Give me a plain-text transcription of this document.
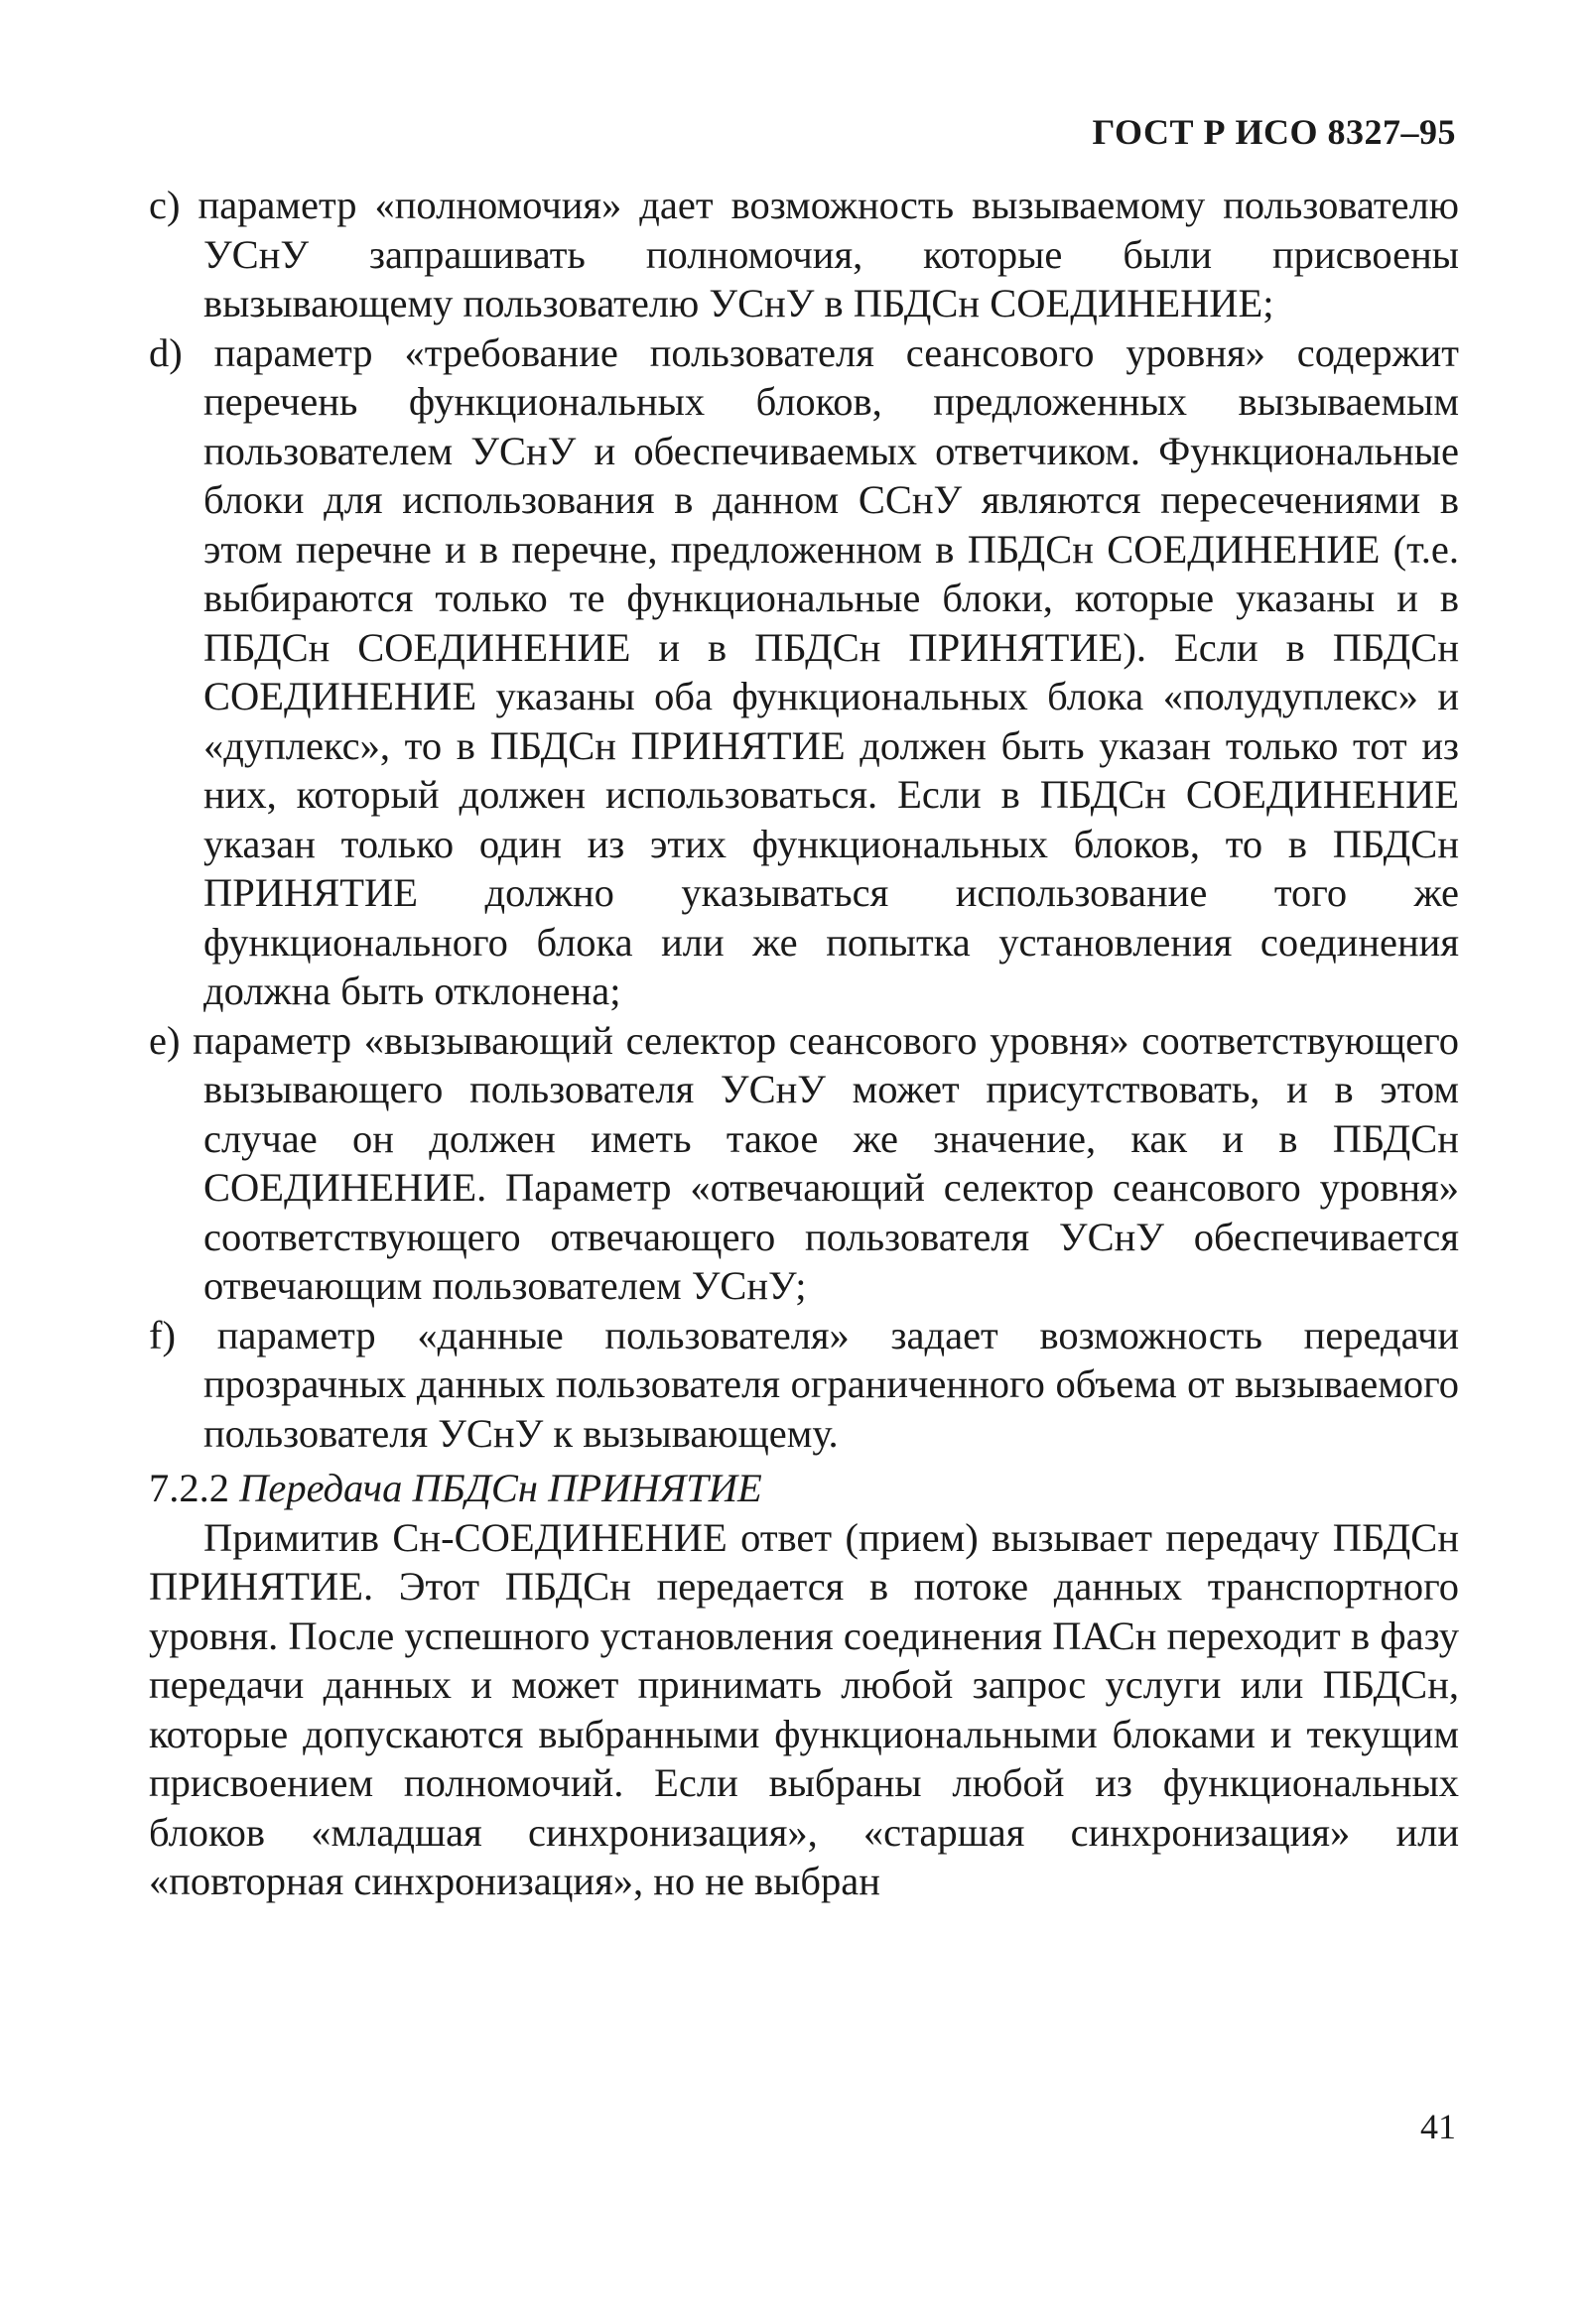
ГОСТ Р ИСО 8327–95

c) параметр «полномочия» дает возможность вызываемому пользователю УСнУ запрашивать полномочия, которые были присвоены вызывающему пользователю УСнУ в ПБДСн СОЕДИНЕНИЕ;

d) параметр «требование пользователя сеансового уровня» содержит перечень функциональных блоков, предложенных вызываемым пользователем УСнУ и обеспечиваемых ответчиком. Функциональные блоки для использования в данном ССнУ являются пересечениями в этом перечне и в перечне, предложенном в ПБДСн СОЕДИНЕНИЕ (т.е. выбираются только те функциональные блоки, которые указаны и в ПБДСн СОЕДИНЕНИЕ и в ПБДСн ПРИНЯТИЕ). Если в ПБДСн СОЕДИНЕНИЕ указаны оба функциональных блока «полудуплекс» и «дуплекс», то в ПБДСн ПРИНЯТИЕ должен быть указан только тот из них, который должен использоваться. Если в ПБДСн СОЕДИНЕНИЕ указан только один из этих функциональных блоков, то в ПБДСн ПРИНЯТИЕ должно указываться использование того же функционального блока или же попытка установления соединения должна быть отклонена;

e) параметр «вызывающий селектор сеансового уровня» соответствующего вызывающего пользователя УСнУ может присутствовать, и в этом случае он должен иметь такое же значение, как и в ПБДСн СОЕДИНЕНИЕ. Параметр «отвечающий селектор сеансового уровня» соответствующего отвечающего пользователя УСнУ обеспечивается отвечающим пользователем УСнУ;

f) параметр «данные пользователя» задает возможность передачи прозрачных данных пользователя ограниченного объема от вызываемого пользователя УСнУ к вызывающему.

7.2.2 Передача ПБДСн ПРИНЯТИЕ

Примитив Сн-СОЕДИНЕНИЕ ответ (прием) вызывает передачу ПБДСн ПРИНЯТИЕ. Этот ПБДСн передается в потоке данных транспортного уровня. После успешного установления соединения ПАСн переходит в фазу передачи данных и может принимать любой запрос услуги или ПБДСн, которые допускаются выбранными функциональными блоками и текущим присвоением полномочий. Если выбраны любой из функциональных блоков «младшая синхронизация», «старшая синхронизация» или «повторная синхронизация», но не выбран

41
